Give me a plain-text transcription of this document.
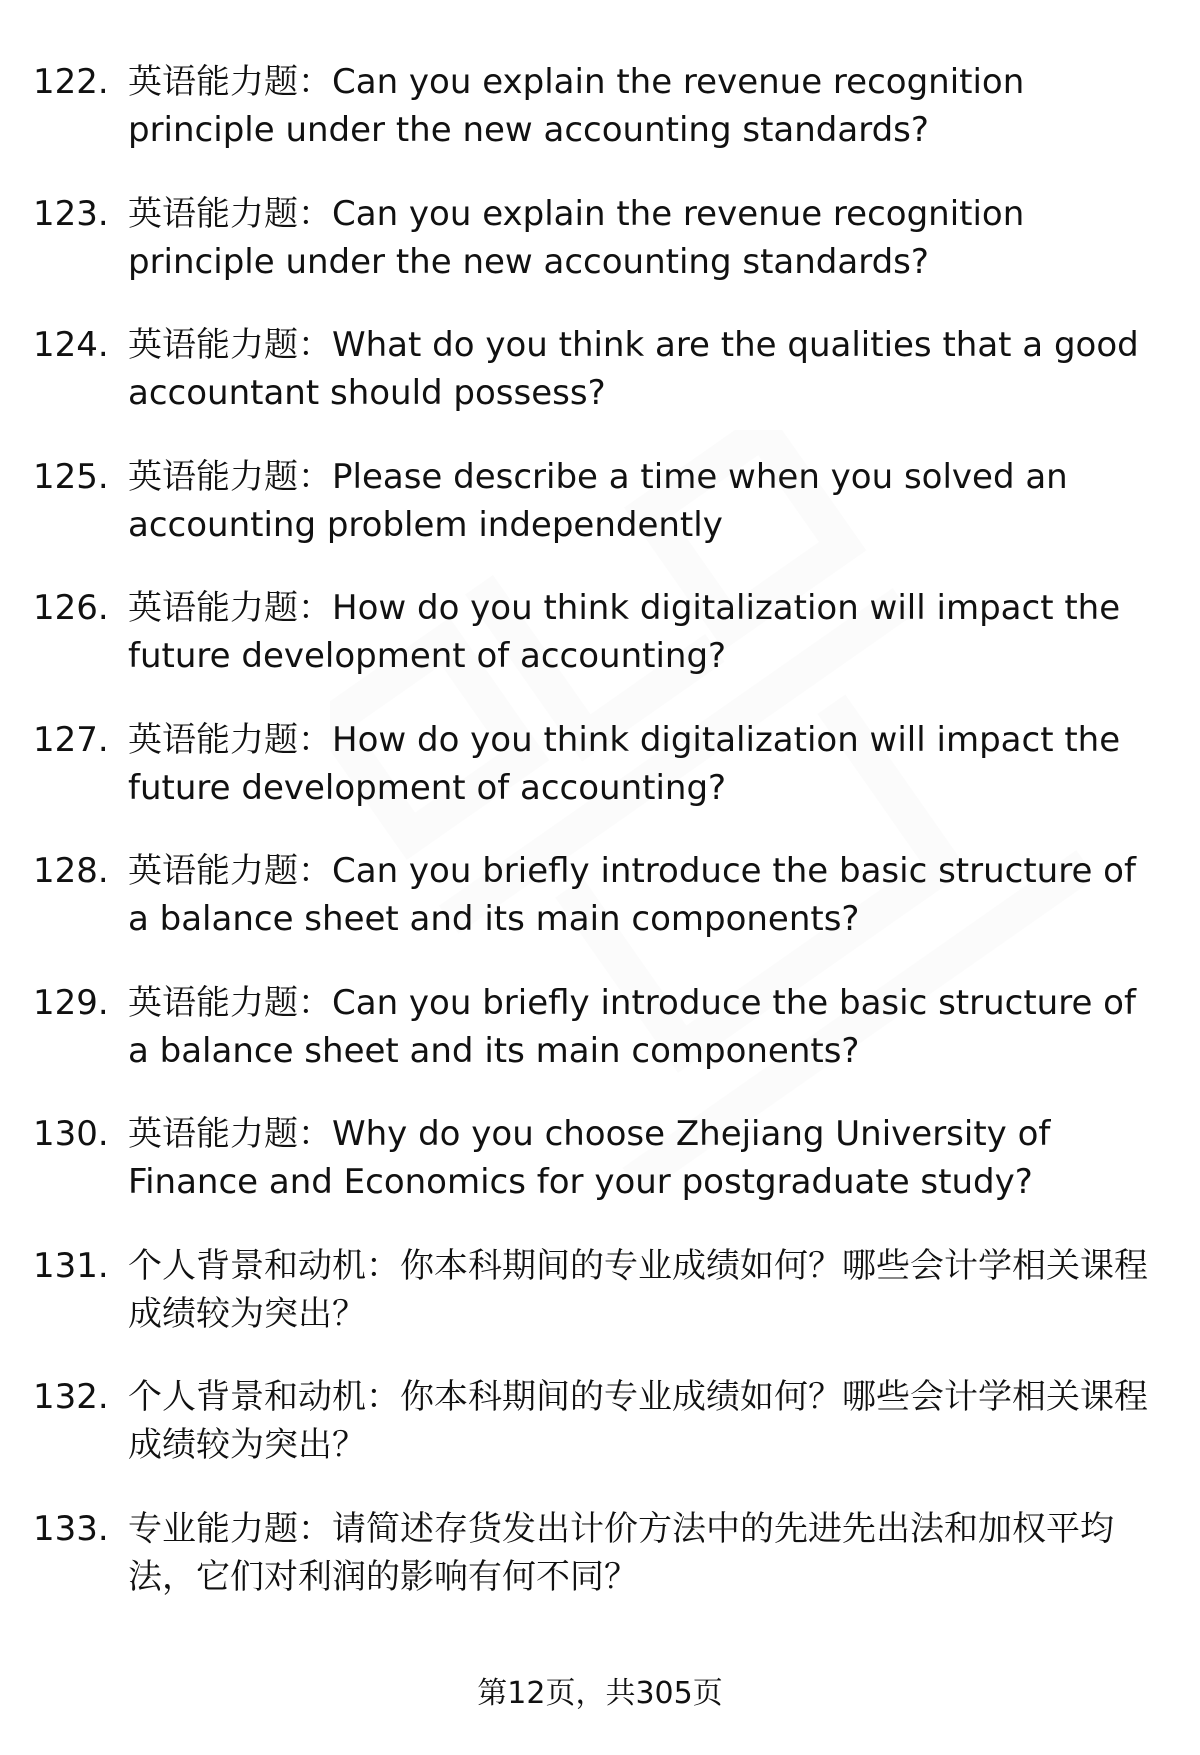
122. 英语能力题：Can you explain the revenue recognition principle under the new accounting standards?
123. 英语能力题：Can you explain the revenue recognition principle under the new accounting standards?
124. 英语能力题：What do you think are the qualities that a good accountant should possess?
125. 英语能力题：Please describe a time when you solved an accounting problem independently
126. 英语能力题：How do you think digitalization will impact the future development of accounting?
127. 英语能力题：How do you think digitalization will impact the future development of accounting?
128. 英语能力题：Can you briefly introduce the basic structure of a balance sheet and its main components?
129. 英语能力题：Can you briefly introduce the basic structure of a balance sheet and its main components?
130. 英语能力题：Why do you choose Zhejiang University of Finance and Economics for your postgraduate study?
131. 个人背景和动机：你本科期间的专业成绩如何？哪些会计学相关课程成绩较为突出？
132. 个人背景和动机：你本科期间的专业成绩如何？哪些会计学相关课程成绩较为突出？
133. 专业能力题：请简述存货发出计价方法中的先进先出法和加权平均法，它们对利润的影响有何不同？
第12页，共305页
